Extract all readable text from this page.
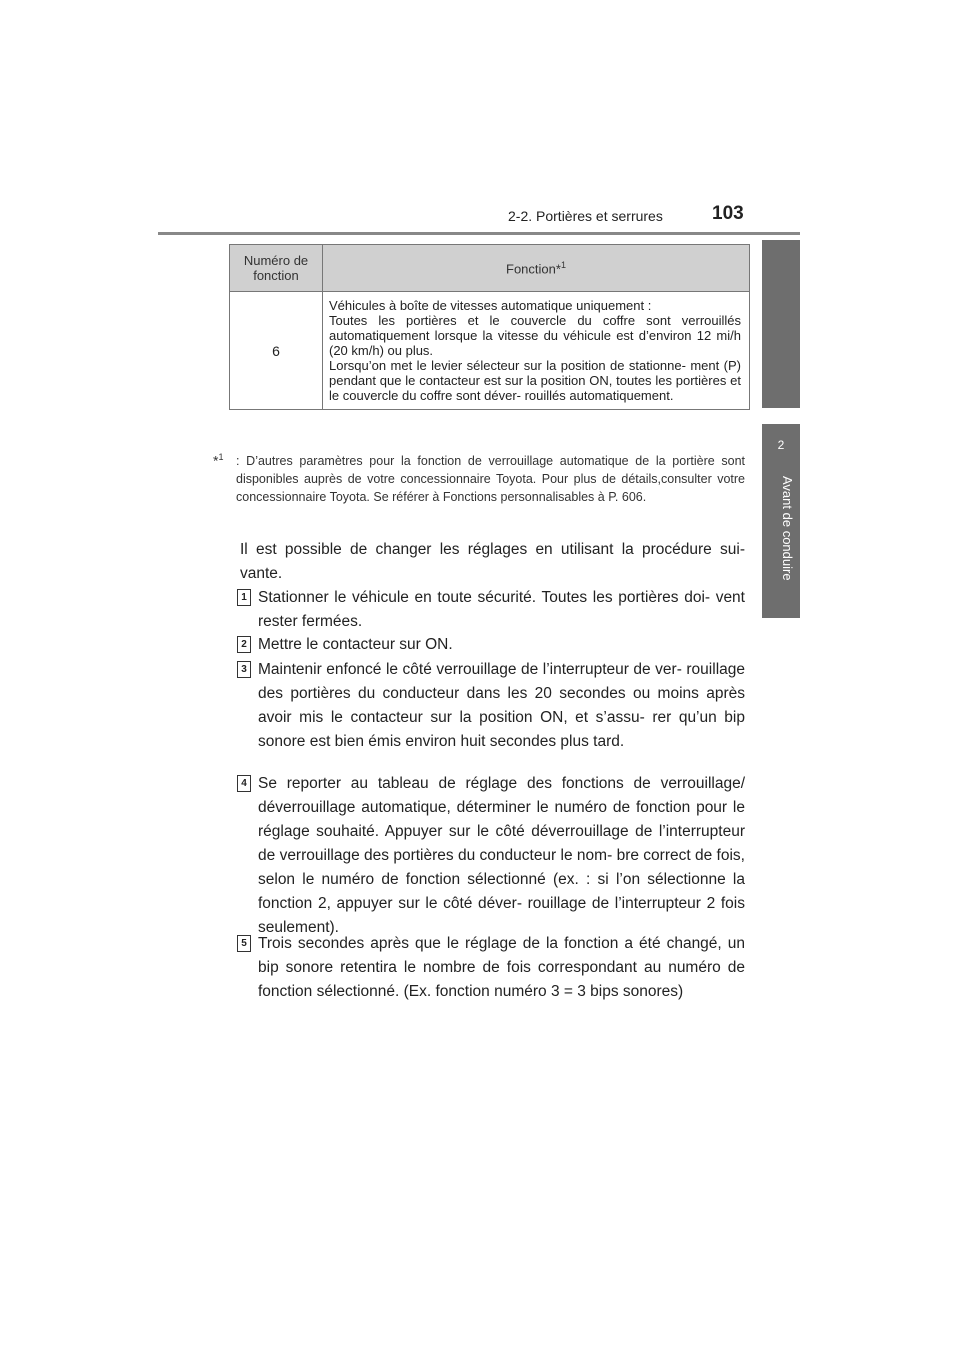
2-2. Portières et serrures	103
2
Avant de conduire
Numéro de fonction	Fonction*$^1$
6	Véhicules à boîte de vitesses automatique uniquement :
Toutes les portières et le couvercle du coffre sont verrouillés automatiquement lorsque la vitesse du véhicule est d’environ 12 mi/h (20 km/h) ou plus.
Lorsqu’on met le levier sélecteur sur la position de stationne- ment (P) pendant que le contacteur est sur la position ON, toutes les portières et le couvercle du coffre sont déver- rouillés automatiquement.
*$^1$ : D’autres paramètres pour la fonction de verrouillage automatique de la portière sont disponibles auprès de votre concessionnaire Toyota. Pour plus de détails,consulter votre concessionnaire Toyota. Se référer à Fonctions personnalisables à P. 606.
Il est possible de changer les réglages en utilisant la procédure sui- vante.
1 Stationner le véhicule en toute sécurité. Toutes les portières doi- vent rester fermées.
2 Mettre le contacteur sur ON.
3 Maintenir enfoncé le côté verrouillage de l’interrupteur de ver- rouillage des portières du conducteur dans les 20 secondes ou moins après avoir mis le contacteur sur la position ON, et s’assu- rer qu’un bip sonore est bien émis environ huit secondes plus tard.
4 Se reporter au tableau de réglage des fonctions de verrouillage/ déverrouillage automatique, déterminer le numéro de fonction pour le réglage souhaité. Appuyer sur le côté déverrouillage de l’interrupteur de verrouillage des portières du conducteur le nom- bre correct de fois, selon le numéro de fonction sélectionné (ex. : si l’on sélectionne la fonction 2, appuyer sur le côté déver- rouillage de l’interrupteur 2 fois seulement).
5 Trois secondes après que le réglage de la fonction a été changé, un bip sonore retentira le nombre de fois correspondant au numéro de fonction sélectionné. (Ex. fonction numéro 3 = 3 bips sonores)
